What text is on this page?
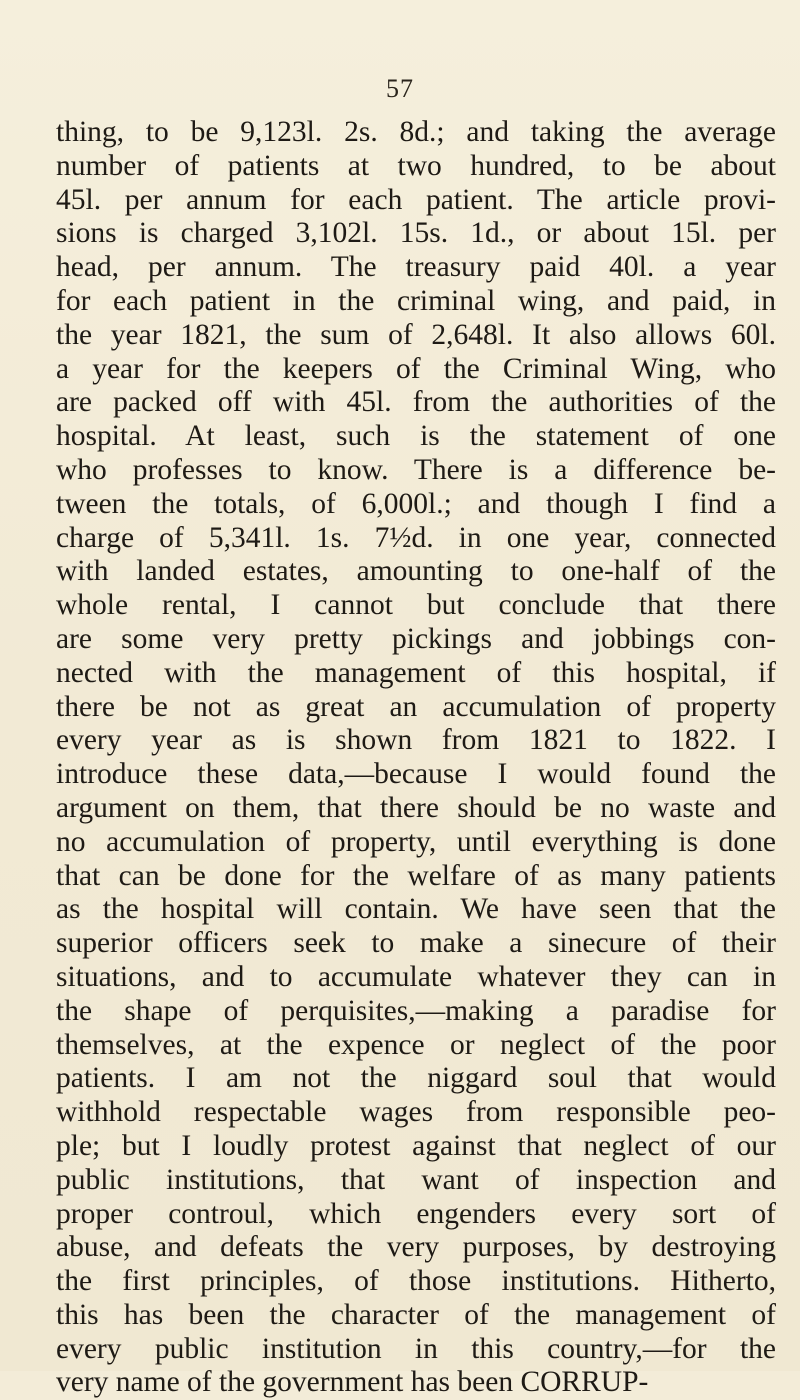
57
thing, to be 9,123l. 2s. 8d.; and taking the average
number of patients at two hundred, to be about
45l. per annum for each patient. The article provi-
sions is charged 3,102l. 15s. 1d., or about 15l. per
head, per annum. The treasury paid 40l. a year
for each patient in the criminal wing, and paid, in
the year 1821, the sum of 2,648l. It also allows 60l.
a year for the keepers of the Criminal Wing, who
are packed off with 45l. from the authorities of the
hospital. At least, such is the statement of one
who professes to know. There is a difference be-
tween the totals, of 6,000l.; and though I find a
charge of 5,341l. 1s. 7½d. in one year, connected
with landed estates, amounting to one-half of the
whole rental, I cannot but conclude that there
are some very pretty pickings and jobbings con-
nected with the management of this hospital, if
there be not as great an accumulation of property
every year as is shown from 1821 to 1822. I
introduce these data,—because I would found the
argument on them, that there should be no waste and
no accumulation of property, until everything is done
that can be done for the welfare of as many patients
as the hospital will contain. We have seen that the
superior officers seek to make a sinecure of their
situations, and to accumulate whatever they can in
the shape of perquisites,—making a paradise for
themselves, at the expence or neglect of the poor
patients. I am not the niggard soul that would
withhold respectable wages from responsible peo-
ple; but I loudly protest against that neglect of our
public institutions, that want of inspection and
proper controul, which engenders every sort of
abuse, and defeats the very purposes, by destroying
the first principles, of those institutions. Hitherto,
this has been the character of the management of
every public institution in this country,—for the
very name of the government has been CORRUP-
